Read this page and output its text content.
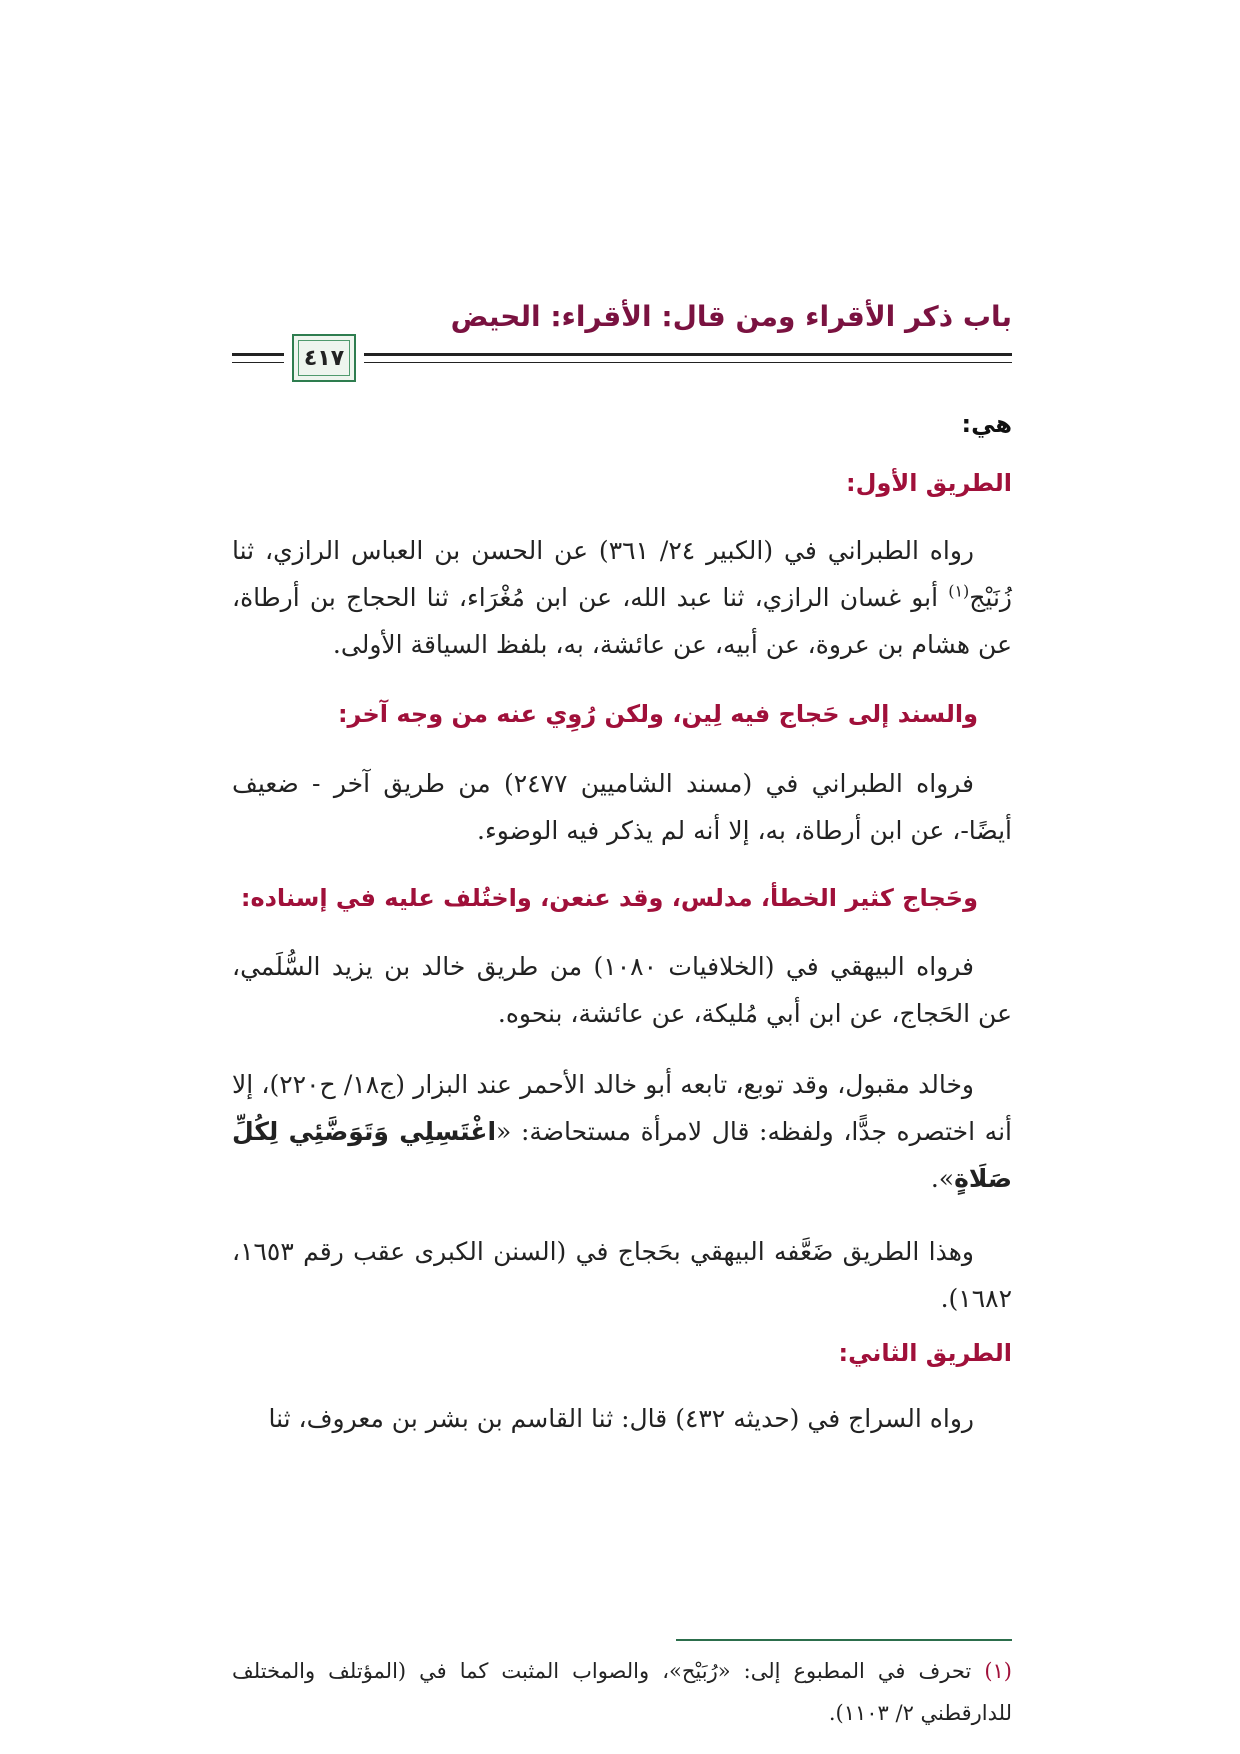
باب ذكر الأقراء ومن قال: الأقراء: الحيض
٤١٧
هي:
الطريق الأول:
رواه الطبراني في (الكبير ٢٤/ ٣٦١) عن الحسن بن العباس الرازي، ثنا زُنَيْج$^{(١)}$ أبو غسان الرازي، ثنا عبد الله، عن ابن مُغْرَاء، ثنا الحجاج بن أرطاة، عن هشام بن عروة، عن أبيه، عن عائشة، به، بلفظ السياقة الأولى.
والسند إلى حَجاج فيه لِين، ولكن رُوِي عنه من وجه آخر:
فرواه الطبراني في (مسند الشاميين ٢٤٧٧) من طريق آخر - ضعيف أيضًا-، عن ابن أرطاة، به، إلا أنه لم يذكر فيه الوضوء.
وحَجاج كثير الخطأ، مدلس، وقد عنعن، واختُلف عليه في إسناده:
فرواه البيهقي في (الخلافيات ١٠٨٠) من طريق خالد بن يزيد السُّلَمي، عن الحَجاج، عن ابن أبي مُليكة، عن عائشة، بنحوه.
وخالد مقبول، وقد توبع، تابعه أبو خالد الأحمر عند البزار (ج١٨/ ح٢٢٠)، إلا أنه اختصره جدًّا، ولفظه: قال لامرأة مستحاضة: «اغْتَسِلِي وَتَوَضَّئِي لِكُلِّ صَلَاةٍ».
وهذا الطريق ضَعَّفه البيهقي بحَجاج في (السنن الكبرى عقب رقم ١٦٥٣، ١٦٨٢).
الطريق الثاني:
رواه السراج في (حديثه ٤٣٢) قال: ثنا القاسم بن بشر بن معروف، ثنا
(١) تحرف في المطبوع إلى: «رُبَيْح»، والصواب المثبت كما في (المؤتلف والمختلف للدارقطني ٢/ ١١٠٣).
